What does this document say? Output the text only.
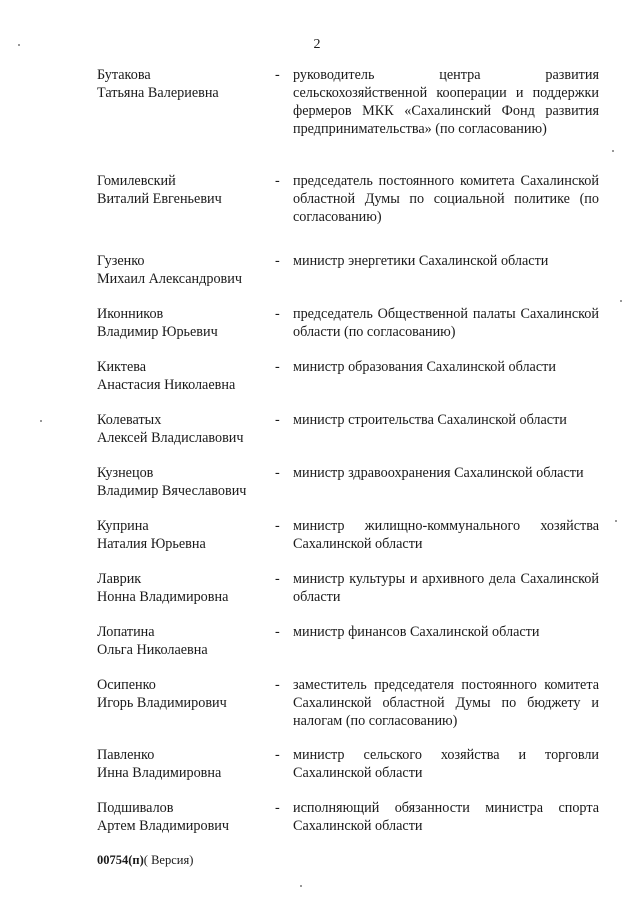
2
Бутакова
Татьяна Валериевна
- руководитель центра развития сельскохозяйственной кооперации и поддержки фермеров МКК «Сахалинский Фонд развития предпринимательства» (по согласованию)
Гомилевский
Виталий Евгеньевич
- председатель постоянного комитета Сахалинской областной Думы по социальной политике (по согласованию)
Гузенко
Михаил Александрович
- министр энергетики Сахалинской области
Иконников
Владимир Юрьевич
- председатель Общественной палаты Сахалинской области (по согласованию)
Киктева
Анастасия Николаевна
- министр образования Сахалинской области
Колеватых
Алексей Владиславович
- министр строительства Сахалинской области
Кузнецов
Владимир Вячеславович
- министр здравоохранения Сахалинской области
Куприна
Наталия Юрьевна
- министр жилищно-коммунального хозяйства Сахалинской области
Лаврик
Нонна Владимировна
- министр культуры и архивного дела Сахалинской области
Лопатина
Ольга Николаевна
- министр финансов Сахалинской области
Осипенко
Игорь Владимирович
- заместитель председателя постоянного комитета Сахалинской областной Думы по бюджету и налогам (по согласованию)
Павленко
Инна Владимировна
- министр сельского хозяйства и торговли Сахалинской области
Подшивалов
Артем Владимирович
- исполняющий обязанности министра спорта Сахалинской области
00754(п)( Версия)
